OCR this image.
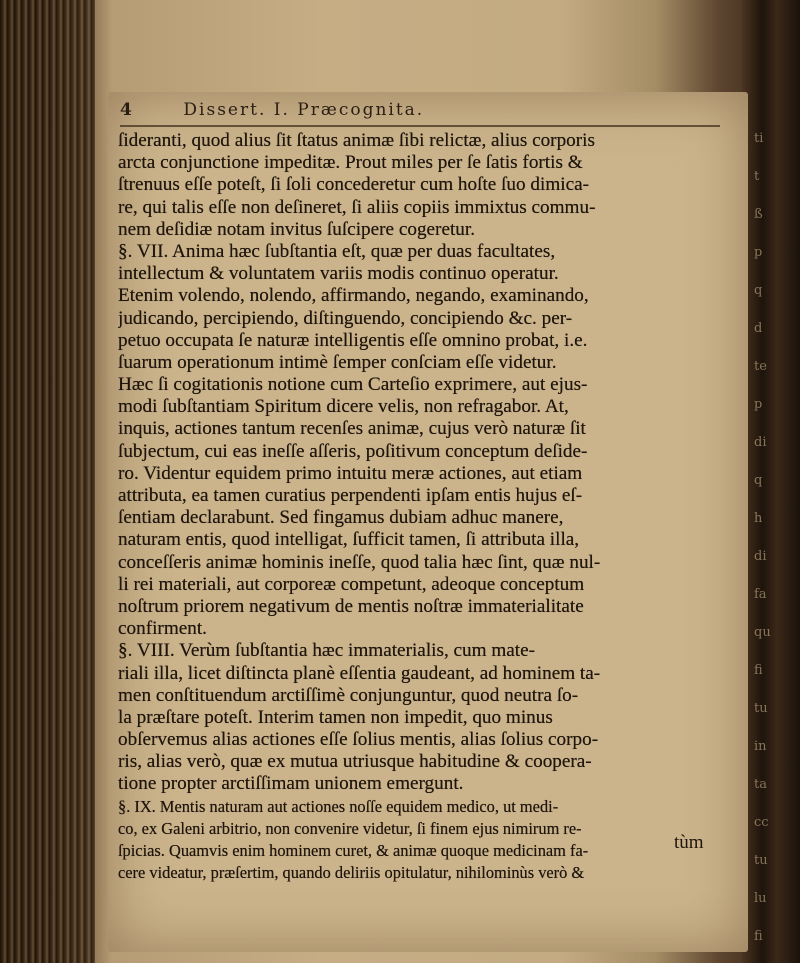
ti
t
ß
p
q
d
te
p
di
q
h
di
fa
qu
fi
tu
in
ta
cc
tu
lu
fi
4	Dissert. I. Præcognita.
ſideranti, quod alius ſit ſtatus animæ ſibi relictæ, alius corporis
arcta conjunctione impeditæ. Prout miles per ſe ſatis fortis &
ſtrenuus eſſe poteſt, ſi ſoli concederetur cum hoſte ſuo dimica-
re, qui talis eſſe non deſineret, ſi aliis copiis immixtus commu-
nem deſidiæ notam invitus ſuſcipere cogeretur.
§. VII. Anima hæc ſubſtantia eſt, quæ per duas facultates,
intellectum & voluntatem variis modis continuo operatur.
Etenim volendo, nolendo, affirmando, negando, examinando,
judicando, percipiendo, diſtinguendo, concipiendo &c. per-
petuo occupata ſe naturæ intelligentis eſſe omnino probat, i.e.
ſuarum operationum intimè ſemper conſciam eſſe videtur.
Hæc ſi cogitationis notione cum Carteſio exprimere, aut ejus-
modi ſubſtantiam Spiritum dicere velis, non refragabor. At,
inquis, actiones tantum recenſes animæ, cujus verò naturæ ſit
ſubjectum, cui eas ineſſe aſſeris, poſitivum conceptum deſide-
ro. Videntur equidem primo intuitu meræ actiones, aut etiam
attributa, ea tamen curatius perpendenti ipſam entis hujus eſ-
ſentiam declarabunt. Sed fingamus dubiam adhuc manere,
naturam entis, quod intelligat, ſufficit tamen, ſi attributa illa,
conceſſeris animæ hominis ineſſe, quod talia hæc ſint, quæ nul-
li rei materiali, aut corporeæ competunt, adeoque conceptum
noſtrum priorem negativum de mentis noſtræ immaterialitate
confirment.
§. VIII. Verùm ſubſtantia hæc immaterialis, cum mate-
riali illa, licet diſtincta planè eſſentia gaudeant, ad hominem ta-
men conſtituendum arctiſſimè conjunguntur, quod neutra ſo-
la præſtare poteſt. Interim tamen non impedit, quo minus
obſervemus alias actiones eſſe ſolius mentis, alias ſolius corpo-
ris, alias verò, quæ ex mutua utriusque habitudine & coopera-
tione propter arctiſſimam unionem emergunt.
§. IX. Mentis naturam aut actiones noſſe equidem medico, ut medi-
co, ex Galeni arbitrio, non convenire videtur, ſi finem ejus nimirum re-
ſpicias. Quamvis enim hominem curet, & animæ quoque medicinam fa-
cere videatur, præſertim, quando deliriis opitulatur, nihilominùs verò &
tùm
